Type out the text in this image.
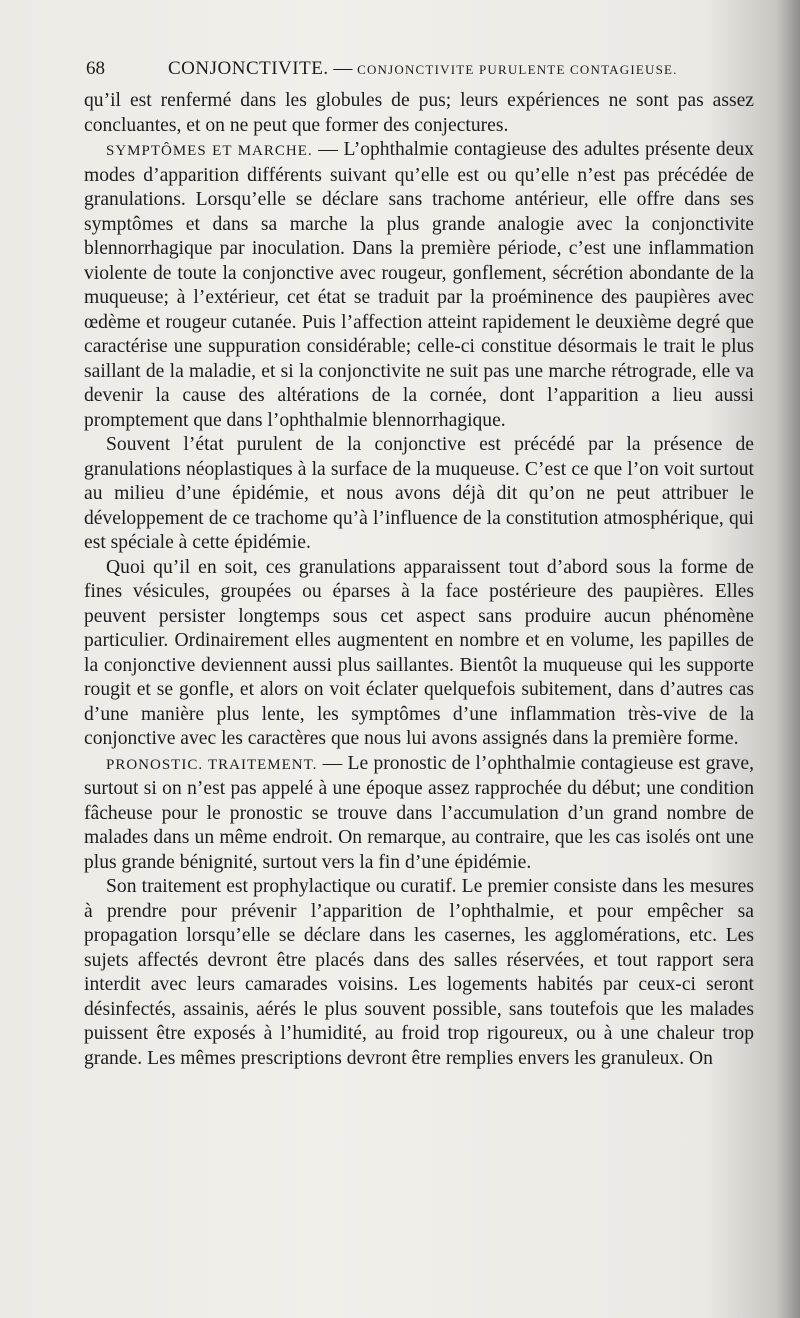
68	CONJONCTIVITE. — CONJONCTIVITE PURULENTE CONTAGIEUSE.

qu’il est renfermé dans les globules de pus; leurs expériences ne sont pas assez concluantes, et on ne peut que former des conjectures.

SYMPTÔMES ET MARCHE. — L’ophthalmie contagieuse des adultes présente deux modes d’apparition différents suivant qu’elle est ou qu’elle n’est pas précédée de granulations. Lorsqu’elle se déclare sans trachome antérieur, elle offre dans ses symptômes et dans sa marche la plus grande analogie avec la conjonctivite blennorrhagique par inoculation. Dans la première période, c’est une inflammation violente de toute la conjonctive avec rougeur, gonflement, sécrétion abondante de la muqueuse; à l’extérieur, cet état se traduit par la proéminence des paupières avec œdème et rougeur cutanée. Puis l’affection atteint rapidement le deuxième degré que caractérise une suppuration considérable; celle-ci constitue désormais le trait le plus saillant de la maladie, et si la conjonctivite ne suit pas une marche rétrograde, elle va devenir la cause des altérations de la cornée, dont l’apparition a lieu aussi promptement que dans l’ophthalmie blennorrhagique.

Souvent l’état purulent de la conjonctive est précédé par la présence de granulations néoplastiques à la surface de la muqueuse. C’est ce que l’on voit surtout au milieu d’une épidémie, et nous avons déjà dit qu’on ne peut attribuer le développement de ce trachome qu’à l’influence de la constitution atmosphérique, qui est spéciale à cette épidémie.

Quoi qu’il en soit, ces granulations apparaissent tout d’abord sous la forme de fines vésicules, groupées ou éparses à la face postérieure des paupières. Elles peuvent persister longtemps sous cet aspect sans produire aucun phénomène particulier. Ordinairement elles augmentent en nombre et en volume, les papilles de la conjonctive deviennent aussi plus saillantes. Bientôt la muqueuse qui les supporte rougit et se gonfle, et alors on voit éclater quelquefois subitement, dans d’autres cas d’une manière plus lente, les symptômes d’une inflammation très-vive de la conjonctive avec les caractères que nous lui avons assignés dans la première forme.

PRONOSTIC. TRAITEMENT. — Le pronostic de l’ophthalmie contagieuse est grave, surtout si on n’est pas appelé à une époque assez rapprochée du début; une condition fâcheuse pour le pronostic se trouve dans l’accumulation d’un grand nombre de malades dans un même endroit. On remarque, au contraire, que les cas isolés ont une plus grande bénignité, surtout vers la fin d’une épidémie.

Son traitement est prophylactique ou curatif. Le premier consiste dans les mesures à prendre pour prévenir l’apparition de l’ophthalmie, et pour empêcher sa propagation lorsqu’elle se déclare dans les casernes, les agglomérations, etc. Les sujets affectés devront être placés dans des salles réservées, et tout rapport sera interdit avec leurs camarades voisins. Les logements habités par ceux-ci seront désinfectés, assainis, aérés le plus souvent possible, sans toutefois que les malades puissent être exposés à l’humidité, au froid trop rigoureux, ou à une chaleur trop grande. Les mêmes prescriptions devront être remplies envers les granuleux. On
